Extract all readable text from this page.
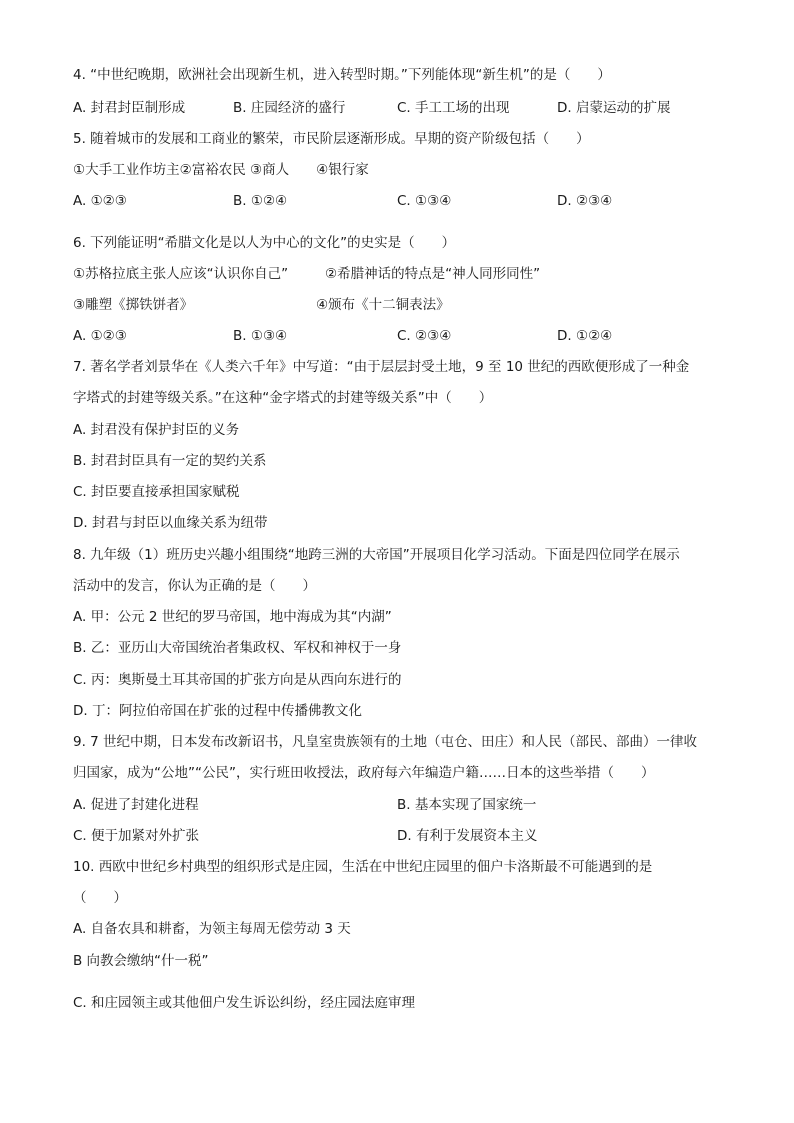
4. “中世纪晚期，欧洲社会出现新生机，进入转型时期。”下列能体现“新生机”的是（　　）
A. 封君封臣制形成	B. 庄园经济的盛行	C. 手工工场的出现	D. 启蒙运动的扩展
5. 随着城市的发展和工商业的繁荣，市民阶层逐渐形成。早期的资产阶级包括（　　）
①大手工业作坊主②富裕农民 ③商人　　④银行家
A. ①②③	B. ①②④	C. ①③④	D. ②③④
6. 下列能证明“希腊文化是以人为中心的文化”的史实是（　　）
①苏格拉底主张人应该“认识你自己”	②希腊神话的特点是“神人同形同性”
③雕塑《掷铁饼者》	④颁布《十二铜表法》
A. ①②③	B. ①③④	C. ②③④	D. ①②④
7. 著名学者刘景华在《人类六千年》中写道：“由于层层封受土地，9 至 10 世纪的西欧便形成了一种金
字塔式的封建等级关系。”在这种“金字塔式的封建等级关系”中（　　）
A. 封君没有保护封臣的义务
B. 封君封臣具有一定的契约关系
C. 封臣要直接承担国家赋税
D. 封君与封臣以血缘关系为纽带
8. 九年级（1）班历史兴趣小组围绕“地跨三洲的大帝国”开展项目化学习活动。下面是四位同学在展示
活动中的发言，你认为正确的是（　　）
A. 甲：公元 2 世纪的罗马帝国，地中海成为其“内湖”
B. 乙：亚历山大帝国统治者集政权、军权和神权于一身
C. 丙：奥斯曼土耳其帝国的扩张方向是从西向东进行的
D. 丁：阿拉伯帝国在扩张的过程中传播佛教文化
9. 7 世纪中期，日本发布改新诏书，凡皇室贵族领有的土地（屯仓、田庄）和人民（部民、部曲）一律收
归国家，成为“公地”“公民”，实行班田收授法，政府每六年编造户籍……日本的这些举措（　　）
A. 促进了封建化进程	B. 基本实现了国家统一
C. 便于加紧对外扩张	D. 有利于发展资本主义
10. 西欧中世纪乡村典型的组织形式是庄园，生活在中世纪庄园里的佃户卡洛斯最不可能遇到的是
（　　）
A. 自备农具和耕畜，为领主每周无偿劳动 3 天
B 向教会缴纳“什一税”
C. 和庄园领主或其他佃户发生诉讼纠纷，经庄园法庭审理
